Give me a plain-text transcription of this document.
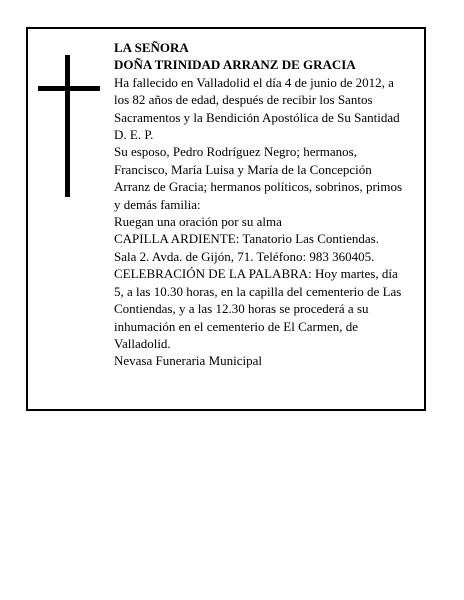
LA SEÑORA
DOÑA TRINIDAD ARRANZ DE GRACIA
Ha fallecido en Valladolid el día 4 de junio de 2012, a
los 82 años de edad, después de recibir los Santos
Sacramentos y la Bendición Apostólica de Su Santidad
D. E. P.
Su esposo, Pedro Rodríguez Negro; hermanos,
Francisco, María Luisa y María de la Concepción
Arranz de Gracia; hermanos políticos, sobrinos, primos
y demás familia:
Ruegan una oración por su alma
CAPILLA ARDIENTE: Tanatorio Las Contiendas.
Sala 2. Avda. de Gijón, 71. Teléfono: 983 360405.
CELEBRACIÓN DE LA PALABRA: Hoy martes, día
5, a las 10.30 horas, en la capilla del cementerio de Las
Contiendas, y a las 12.30 horas se procederá a su
inhumación en el cementerio de El Carmen, de
Valladolid.
Nevasa Funeraria Municipal
